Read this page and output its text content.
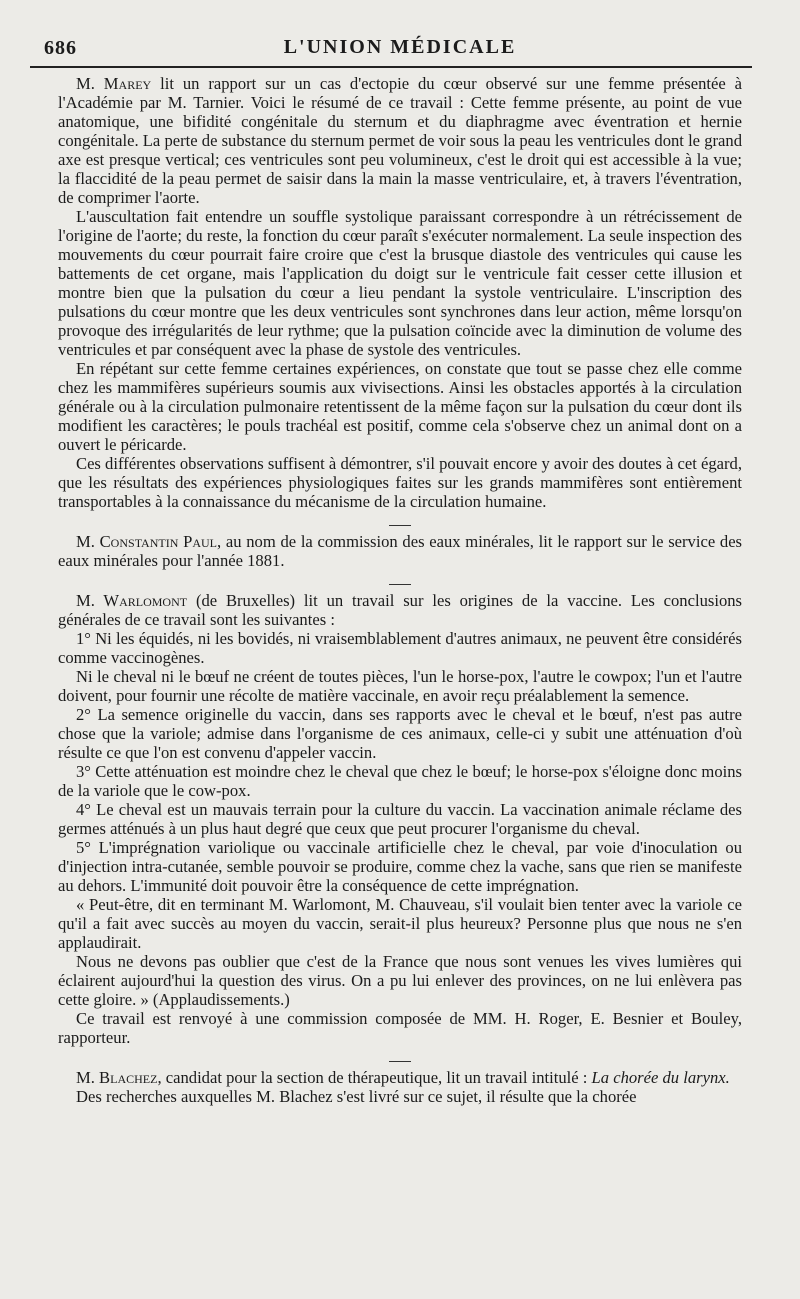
686	L'UNION MÉDICALE

M. Marey lit un rapport sur un cas d'ectopie du cœur observé sur une femme présentée à l'Académie par M. Tarnier. Voici le résumé de ce travail : Cette femme présente, au point de vue anatomique, une bifidité congénitale du sternum et du diaphragme avec éventration et hernie congénitale. La perte de substance du sternum permet de voir sous la peau les ventricules dont le grand axe est presque vertical; ces ventricules sont peu volumineux, c'est le droit qui est accessible à la vue; la flaccidité de la peau permet de saisir dans la main la masse ventriculaire, et, à travers l'éventration, de comprimer l'aorte.

L'auscultation fait entendre un souffle systolique paraissant correspondre à un rétrécissement de l'origine de l'aorte; du reste, la fonction du cœur paraît s'exécuter normalement. La seule inspection des mouvements du cœur pourrait faire croire que c'est la brusque diastole des ventricules qui cause les battements de cet organe, mais l'application du doigt sur le ventricule fait cesser cette illusion et montre bien que la pulsation du cœur a lieu pendant la systole ventriculaire. L'inscription des pulsations du cœur montre que les deux ventricules sont synchrones dans leur action, même lorsqu'on provoque des irrégularités de leur rythme; que la pulsation coïncide avec la diminution de volume des ventricules et par conséquent avec la phase de systole des ventricules.

En répétant sur cette femme certaines expériences, on constate que tout se passe chez elle comme chez les mammifères supérieurs soumis aux vivisections. Ainsi les obstacles apportés à la circulation générale ou à la circulation pulmonaire retentissent de la même façon sur la pulsation du cœur dont ils modifient les caractères; le pouls trachéal est positif, comme cela s'observe chez un animal dont on a ouvert le péricarde.

Ces différentes observations suffisent à démontrer, s'il pouvait encore y avoir des doutes à cet égard, que les résultats des expériences physiologiques faites sur les grands mammifères sont entièrement transportables à la connaissance du mécanisme de la circulation humaine.

M. Constantin Paul, au nom de la commission des eaux minérales, lit le rapport sur le service des eaux minérales pour l'année 1881.

M. Warlomont (de Bruxelles) lit un travail sur les origines de la vaccine. Les conclusions générales de ce travail sont les suivantes :

1° Ni les équidés, ni les bovidés, ni vraisemblablement d'autres animaux, ne peuvent être considérés comme vaccinogènes.

Ni le cheval ni le bœuf ne créent de toutes pièces, l'un le horse-pox, l'autre le cowpox; l'un et l'autre doivent, pour fournir une récolte de matière vaccinale, en avoir reçu préalablement la semence.

2° La semence originelle du vaccin, dans ses rapports avec le cheval et le bœuf, n'est pas autre chose que la variole; admise dans l'organisme de ces animaux, celle-ci y subit une atténuation d'où résulte ce que l'on est convenu d'appeler vaccin.

3° Cette atténuation est moindre chez le cheval que chez le bœuf; le horse-pox s'éloigne donc moins de la variole que le cow-pox.

4° Le cheval est un mauvais terrain pour la culture du vaccin. La vaccination animale réclame des germes atténués à un plus haut degré que ceux que peut procurer l'organisme du cheval.

5° L'imprégnation variolique ou vaccinale artificielle chez le cheval, par voie d'inoculation ou d'injection intra-cutanée, semble pouvoir se produire, comme chez la vache, sans que rien se manifeste au dehors. L'immunité doit pouvoir être la conséquence de cette imprégnation.

« Peut-être, dit en terminant M. Warlomont, M. Chauveau, s'il voulait bien tenter avec la variole ce qu'il a fait avec succès au moyen du vaccin, serait-il plus heureux? Personne plus que nous ne s'en applaudirait.

Nous ne devons pas oublier que c'est de la France que nous sont venues les vives lumières qui éclairent aujourd'hui la question des virus. On a pu lui enlever des provinces, on ne lui enlèvera pas cette gloire. » (Applaudissements.)

Ce travail est renvoyé à une commission composée de MM. H. Roger, E. Besnier et Bouley, rapporteur.

M. Blachez, candidat pour la section de thérapeutique, lit un travail intitulé : La chorée du larynx.

Des recherches auxquelles M. Blachez s'est livré sur ce sujet, il résulte que la chorée
